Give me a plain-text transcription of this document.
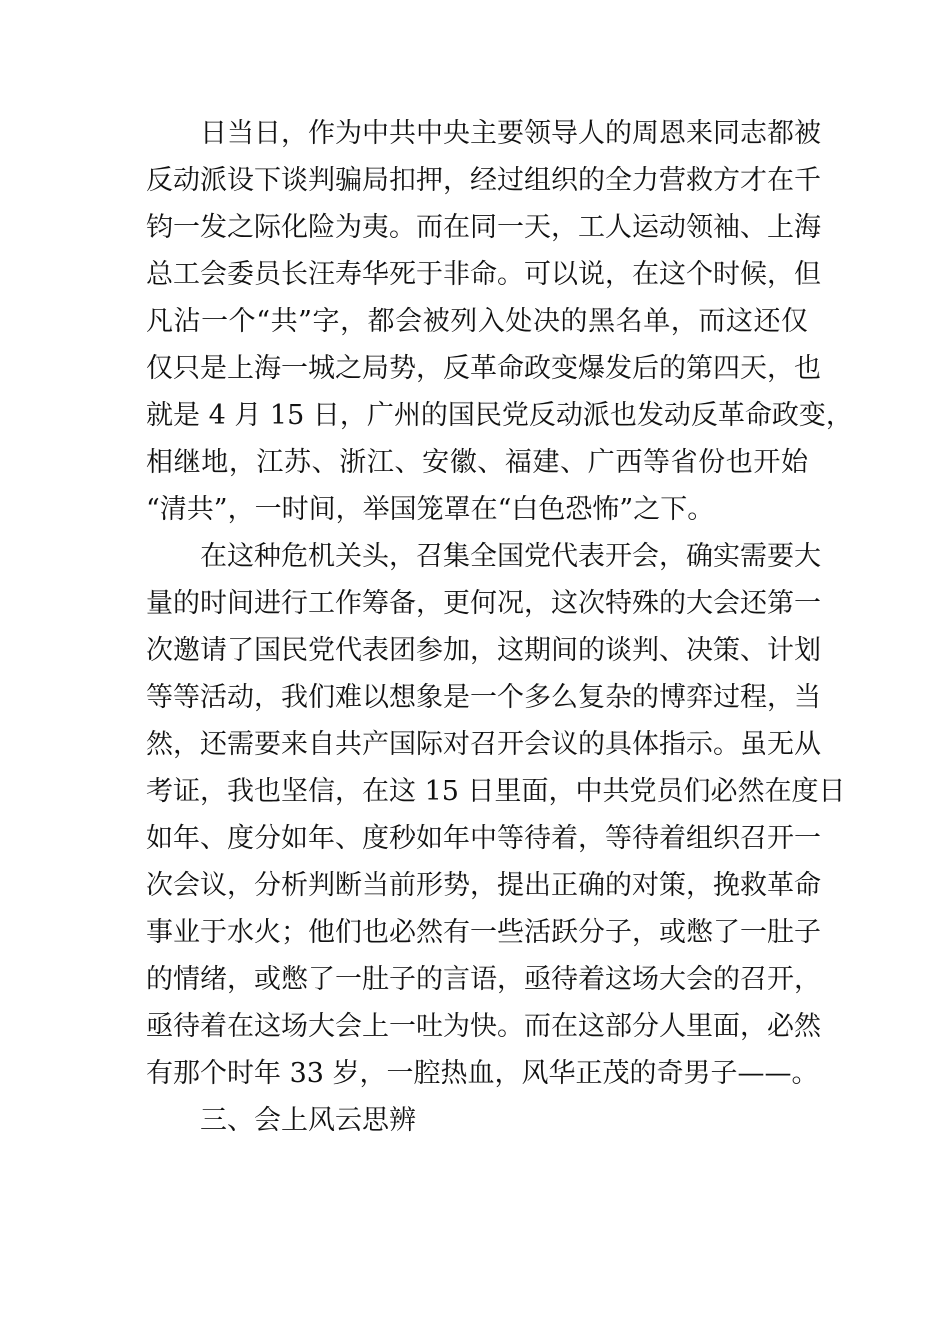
日当日，作为中共中央主要领导人的周恩来同志都被
反动派设下谈判骗局扣押，经过组织的全力营救方才在千
钧一发之际化险为夷。而在同一天，工人运动领袖、上海
总工会委员长汪寿华死于非命。可以说，在这个时候，但
凡沾一个“共”字，都会被列入处决的黑名单，而这还仅
仅只是上海一城之局势，反革命政变爆发后的第四天，也
就是 4 月 15 日，广州的国民党反动派也发动反革命政变，
相继地，江苏、浙江、安徽、福建、广西等省份也开始
“清共”，一时间，举国笼罩在“白色恐怖”之下。
在这种危机关头，召集全国党代表开会，确实需要大
量的时间进行工作筹备，更何况，这次特殊的大会还第一
次邀请了国民党代表团参加，这期间的谈判、决策、计划
等等活动，我们难以想象是一个多么复杂的博弈过程，当
然，还需要来自共产国际对召开会议的具体指示。虽无从
考证，我也坚信，在这 15 日里面，中共党员们必然在度日
如年、度分如年、度秒如年中等待着，等待着组织召开一
次会议，分析判断当前形势，提出正确的对策，挽救革命
事业于水火；他们也必然有一些活跃分子，或憋了一肚子
的情绪，或憋了一肚子的言语，亟待着这场大会的召开，
亟待着在这场大会上一吐为快。而在这部分人里面，必然
有那个时年 33 岁，一腔热血，风华正茂的奇男子——。
三、会上风云思辨
